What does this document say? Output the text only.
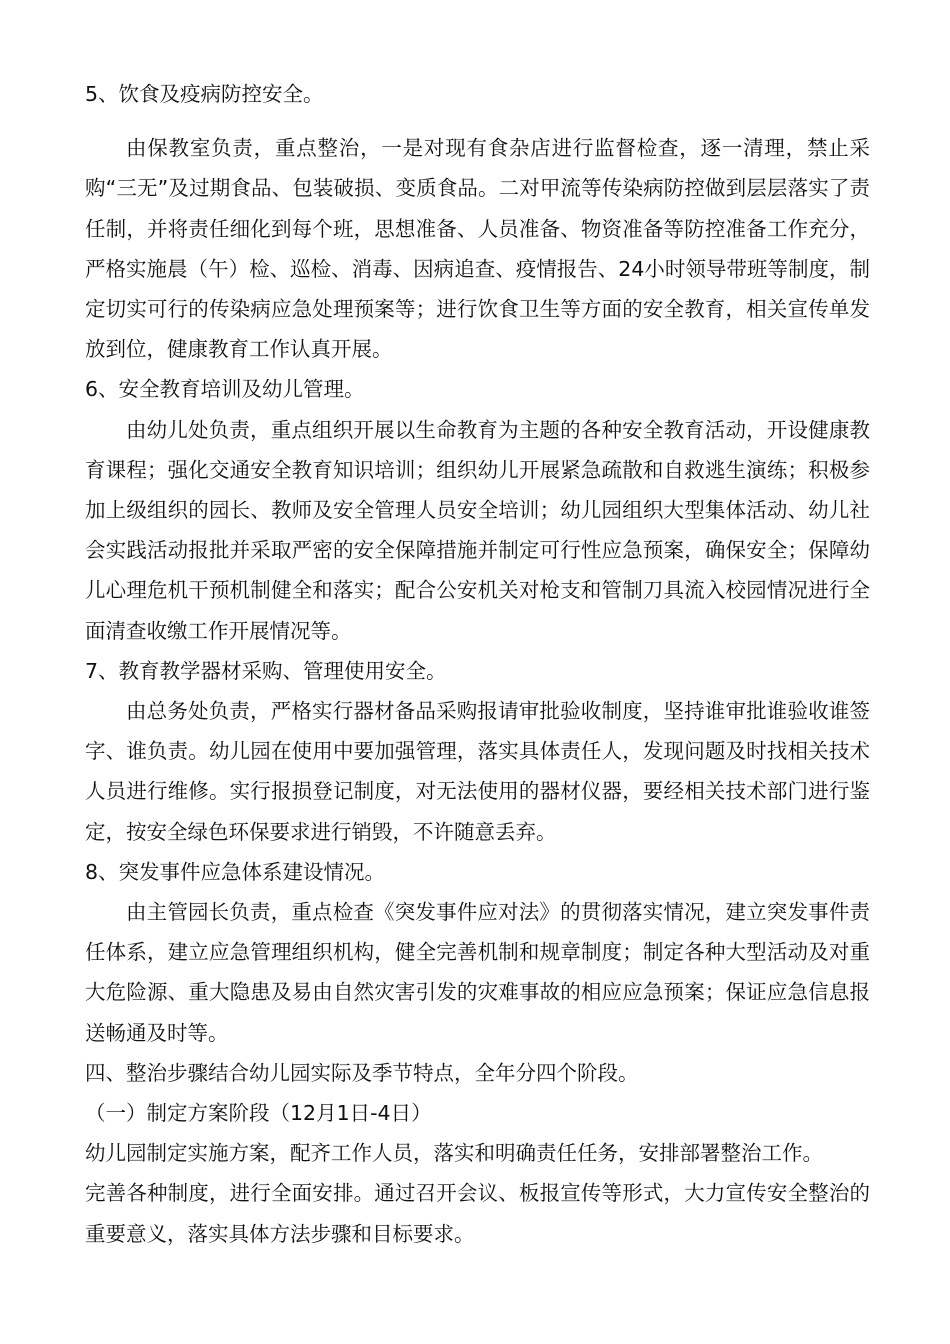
5、饮食及疫病防控安全。

由保教室负责，重点整治，一是对现有食杂店进行监督检查，逐一清理，禁止采购“三无”及过期食品、包装破损、变质食品。二对甲流等传染病防控做到层层落实了责任制，并将责任细化到每个班，思想准备、人员准备、物资准备等防控准备工作充分，严格实施晨（午）检、巡检、消毒、因病追查、疫情报告、24小时领导带班等制度，制定切实可行的传染病应急处理预案等；进行饮食卫生等方面的安全教育，相关宣传单发放到位，健康教育工作认真开展。

6、安全教育培训及幼儿管理。

由幼儿处负责，重点组织开展以生命教育为主题的各种安全教育活动，开设健康教育课程；强化交通安全教育知识培训；组织幼儿开展紧急疏散和自救逃生演练；积极参加上级组织的园长、教师及安全管理人员安全培训；幼儿园组织大型集体活动、幼儿社会实践活动报批并采取严密的安全保障措施并制定可行性应急预案，确保安全；保障幼儿心理危机干预机制健全和落实；配合公安机关对枪支和管制刀具流入校园情况进行全面清查收缴工作开展情况等。

7、教育教学器材采购、管理使用安全。

由总务处负责，严格实行器材备品采购报请审批验收制度，坚持谁审批谁验收谁签字、谁负责。幼儿园在使用中要加强管理，落实具体责任人，发现问题及时找相关技术人员进行维修。实行报损登记制度，对无法使用的器材仪器，要经相关技术部门进行鉴定，按安全绿色环保要求进行销毁，不许随意丢弃。

8、突发事件应急体系建设情况。

由主管园长负责，重点检查《突发事件应对法》的贯彻落实情况，建立突发事件责任体系，建立应急管理组织机构，健全完善机制和规章制度；制定各种大型活动及对重大危险源、重大隐患及易由自然灾害引发的灾难事故的相应应急预案；保证应急信息报送畅通及时等。

四、整治步骤结合幼儿园实际及季节特点，全年分四个阶段。

（一）制定方案阶段（12月1日-4日）

幼儿园制定实施方案，配齐工作人员，落实和明确责任任务，安排部署整治工作。

完善各种制度，进行全面安排。通过召开会议、板报宣传等形式，大力宣传安全整治的重要意义，落实具体方法步骤和目标要求。
